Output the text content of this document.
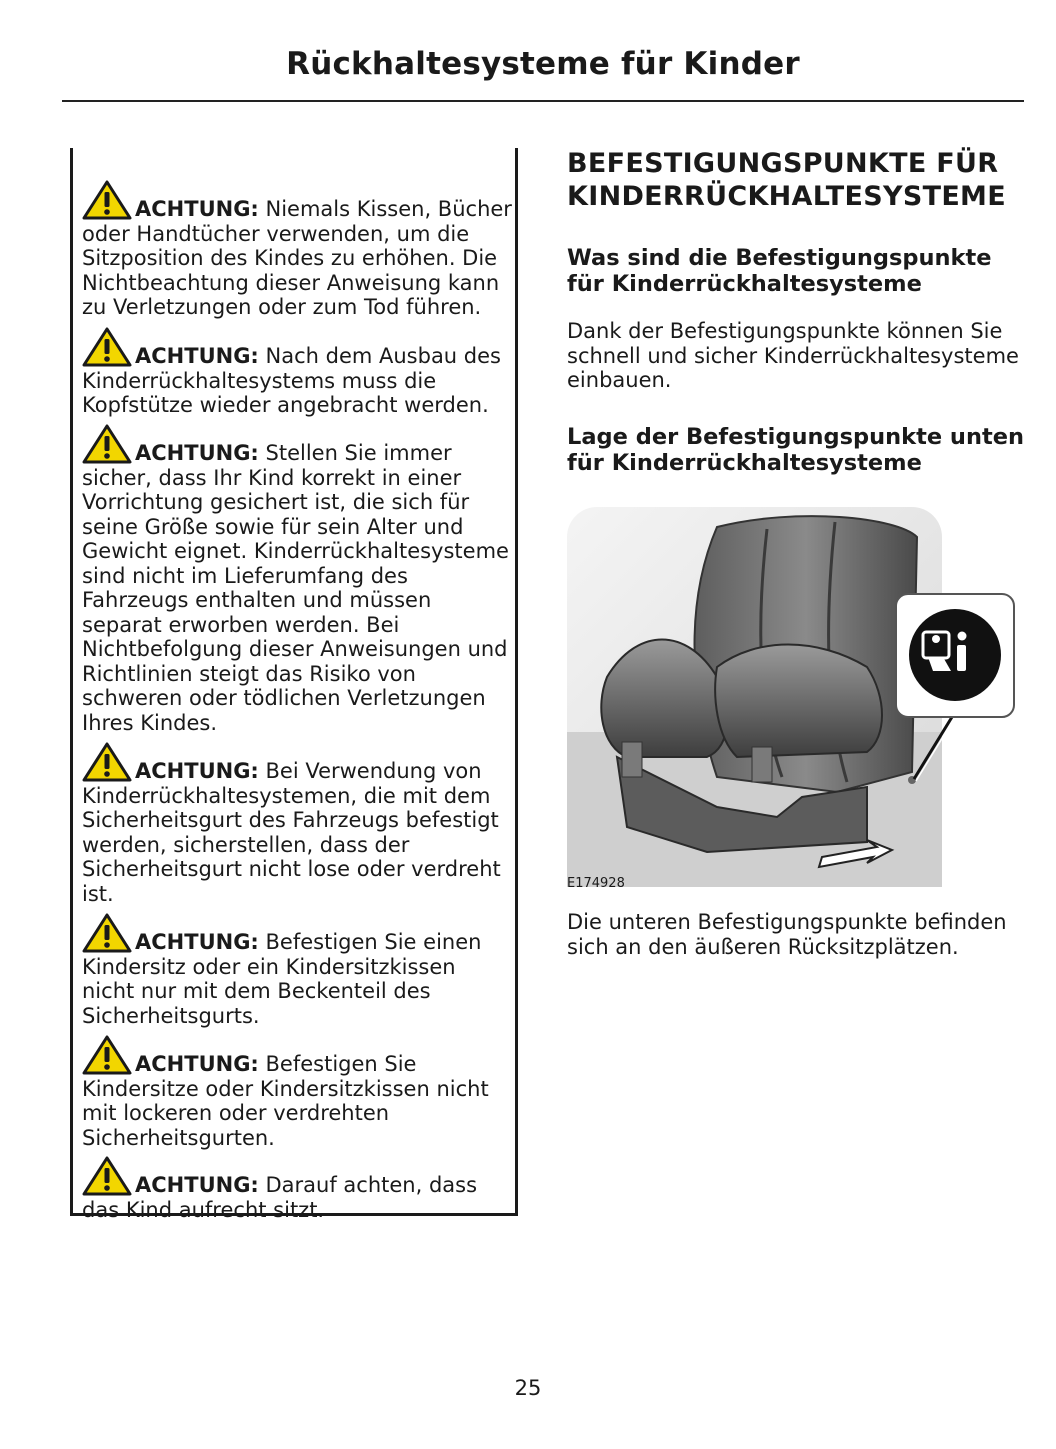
Rückhaltesysteme für Kinder
ACHTUNG: Niemals Kissen, Bücher oder Handtücher verwenden, um die Sitzposition des Kindes zu erhöhen. Die Nichtbeachtung dieser Anweisung kann zu Verletzungen oder zum Tod führen.
ACHTUNG: Nach dem Ausbau des Kinderrückhaltesystems muss die Kopfstütze wieder angebracht werden.
ACHTUNG: Stellen Sie immer sicher, dass Ihr Kind korrekt in einer Vorrichtung gesichert ist, die sich für seine Größe sowie für sein Alter und Gewicht eignet. Kinderrückhaltesysteme sind nicht im Lieferumfang des Fahrzeugs enthalten und müssen separat erworben werden. Bei Nichtbefolgung dieser Anweisungen und Richtlinien steigt das Risiko von schweren oder tödlichen Verletzungen Ihres Kindes.
ACHTUNG: Bei Verwendung von Kinderrückhaltesystemen, die mit dem Sicherheitsgurt des Fahrzeugs befestigt werden, sicherstellen, dass der Sicherheitsgurt nicht lose oder verdreht ist.
ACHTUNG: Befestigen Sie einen Kindersitz oder ein Kindersitzkissen nicht nur mit dem Beckenteil des Sicherheitsgurts.
ACHTUNG: Befestigen Sie Kindersitze oder Kindersitzkissen nicht mit lockeren oder verdrehten Sicherheitsgurten.
ACHTUNG: Darauf achten, dass das Kind aufrecht sitzt.
BEFESTIGUNGSPUNKTE FÜR KINDERRÜCKHALTESYSTEME
Was sind die Befestigungspunkte für Kinderrückhaltesysteme
Dank der Befestigungspunkte können Sie schnell und sicher Kinderrückhaltesysteme einbauen.
Lage der Befestigungspunkte unten für Kinderrückhaltesysteme
E174928
Die unteren Befestigungspunkte befinden sich an den äußeren Rücksitzplätzen.
25
